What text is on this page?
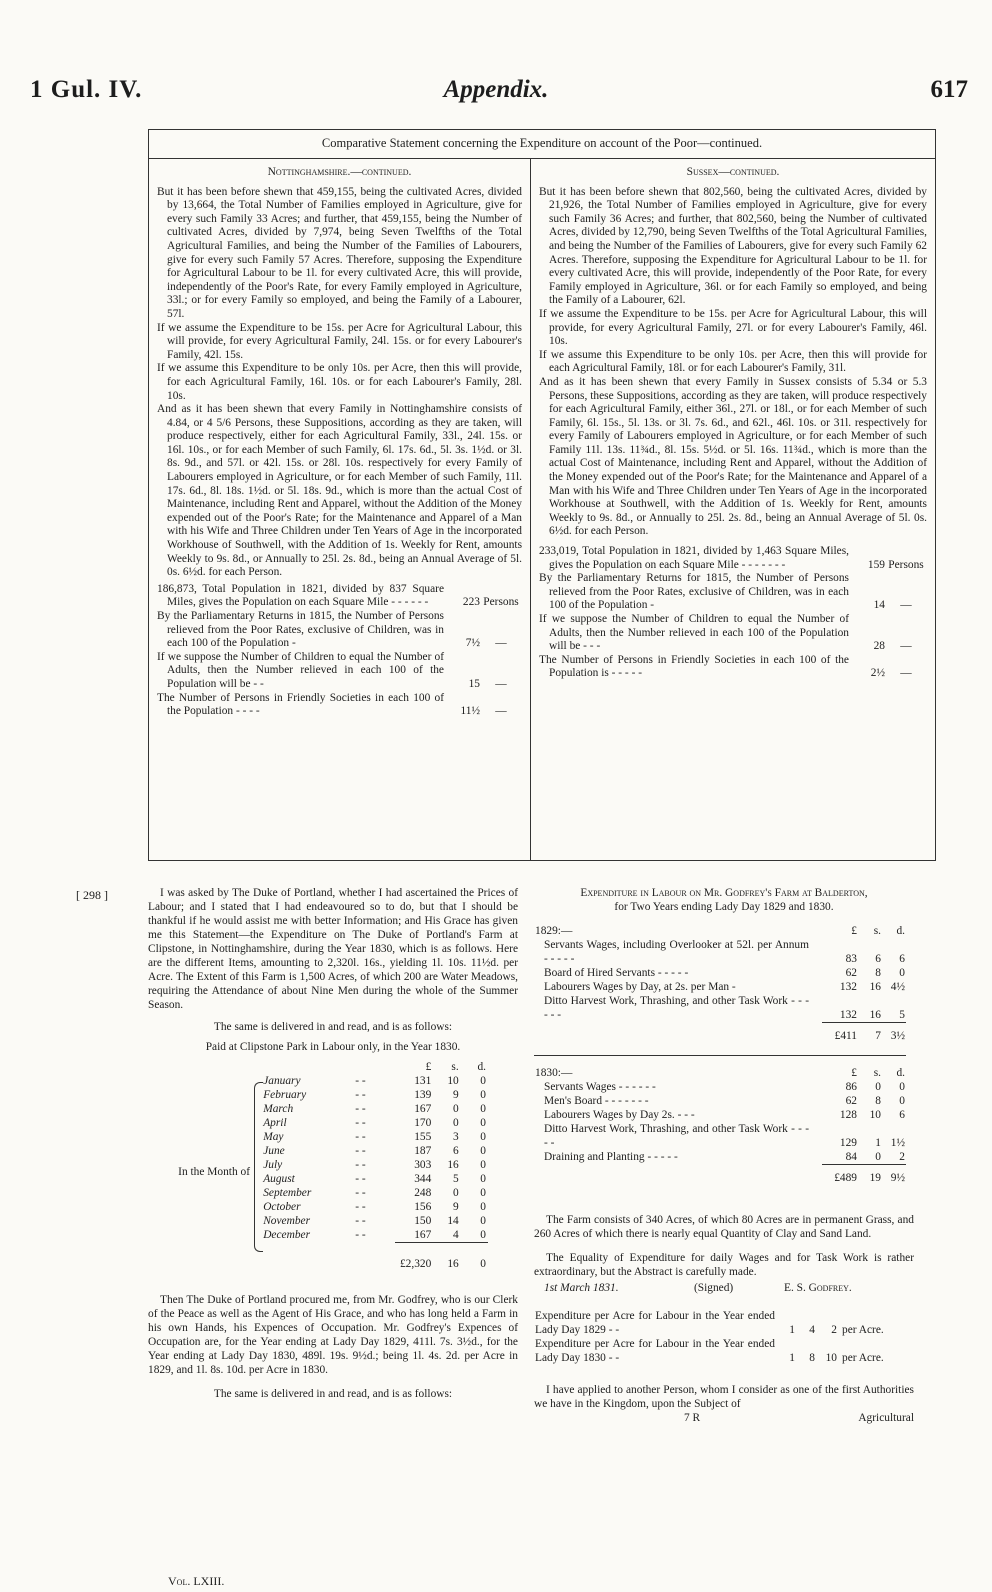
1 Gul. IV.	Appendix.	617
Comparative Statement concerning the Expenditure on account of the Poor—continued.
Nottinghamshire.—continued.

But it has been before shewn that 459,155, being the cultivated Acres, divided by 13,664, the Total Number of Families employed in Agriculture, give for every such Family 33 Acres; and further, that 459,155, being the Number of cultivated Acres, divided by 7,974, being Seven Twelfths of the Total Agricultural Families, and being the Number of the Families of Labourers, give for every such Family 57 Acres. Therefore, supposing the Expenditure for Agricultural Labour to be 1l. for every cultivated Acre, this will provide, independently of the Poor's Rate, for every Family employed in Agriculture, 33l.; or for every Family so employed, and being the Family of a Labourer, 57l.

If we assume the Expenditure to be 15s. per Acre for Agricultural Labour, this will provide, for every Agricultural Family, 24l. 15s. or for every Labourer's Family, 42l. 15s.

If we assume this Expenditure to be only 10s. per Acre, then this will provide, for each Agricultural Family, 16l. 10s. or for each Labourer's Family, 28l. 10s.

And as it has been shewn that every Family in Nottinghamshire consists of 4.84, or 4 5/6 Persons, these Suppositions, according as they are taken, will produce respectively, either for each Agricultural Family, 33l., 24l. 15s. or 16l. 10s., or for each Member of such Family, 6l. 17s. 6d., 5l. 3s. 1½d. or 3l. 8s. 9d., and 57l. or 42l. 15s. or 28l. 10s. respectively for every Family of Labourers employed in Agriculture, or for each Member of such Family, 11l. 17s. 6d., 8l. 18s. 1½d. or 5l. 18s. 9d., which is more than the actual Cost of Maintenance, including Rent and Apparel, without the Addition of the Money expended out of the Poor's Rate; for the Maintenance and Apparel of a Man with his Wife and Three Children under Ten Years of Age in the incorporated Workhouse of Southwell, with the Addition of 1s. Weekly for Rent, amounts Weekly to 9s. 8d., or Annually to 25l. 2s. 8d., being an Annual Average of 5l. 0s. 6½d. for each Person.

186,873, Total Population in 1821, divided by 837 Square Miles, gives the Population on each Square Mile - - - - - -	223 Persons
By the Parliamentary Returns in 1815, the Number of Persons relieved from the Poor Rates, exclusive of Children, was in each 100 of the Population -	7½	—
If we suppose the Number of Children to equal the Number of Adults, then the Number relieved in each 100 of the Population will be - -	15	—
The Number of Persons in Friendly Societies in each 100 of the Population - - - -	11½	—
Sussex—continued.

But it has been before shewn that 802,560, being the cultivated Acres, divided by 21,926, the Total Number of Families employed in Agriculture, give for every such Family 36 Acres; and further, that 802,560, being the Number of cultivated Acres, divided by 12,790, being Seven Twelfths of the Total Agricultural Families, and being the Number of the Families of Labourers, give for every such Family 62 Acres. Therefore, supposing the Expenditure for Agricultural Labour to be 1l. for every cultivated Acre, this will provide, independently of the Poor Rate, for every Family employed in Agriculture, 36l. or for each Family so employed, and being the Family of a Labourer, 62l.

If we assume the Expenditure to be 15s. per Acre for Agricultural Labour, this will provide, for every Agricultural Family, 27l. or for every Labourer's Family, 46l. 10s.

If we assume this Expenditure to be only 10s. per Acre, then this will provide for each Agricultural Family, 18l. or for each Labourer's Family, 31l.

And as it has been shewn that every Family in Sussex consists of 5.34 or 5.3 Persons, these Suppositions, according as they are taken, will produce respectively for each Agricultural Family, either 36l., 27l. or 18l., or for each Member of such Family, 6l. 15s., 5l. 13s. or 3l. 7s. 6d., and 62l., 46l. 10s. or 31l. respectively for every Family of Labourers employed in Agriculture, or for each Member of such Family 11l. 13s. 11¾d., 8l. 15s. 5½d. or 5l. 16s. 11¾d., which is more than the actual Cost of Maintenance, including Rent and Apparel, without the Addition of the Money expended out of the Poor's Rate; for the Maintenance and Apparel of a Man with his Wife and Three Children under Ten Years of Age in the incorporated Workhouse at Southwell, with the Addition of 1s. Weekly for Rent, amounts Weekly to 9s. 8d., or Annually to 25l. 2s. 8d., being an Annual Average of 5l. 0s. 6½d. for each Person.

233,019, Total Population in 1821, divided by 1,463 Square Miles, gives the Population on each Square Mile - - - - - - -	159 Persons
By the Parliamentary Returns for 1815, the Number of Persons relieved from the Poor Rates, exclusive of Children, was in each 100 of the Population -	14	—
If we suppose the Number of Children to equal the Number of Adults, then the Number relieved in each 100 of the Population will be - - -	28	—
The Number of Persons in Friendly Societies in each 100 of the Population is - - - - -	2½	—
[ 298 ]	I was asked by The Duke of Portland, whether I had ascertained the Prices of Labour; and I stated that I had endeavoured so to do, but that I should be thankful if he would assist me with better Information; and His Grace has given me this Statement—the Expenditure on The Duke of Portland's Farm at Clipstone, in Nottinghamshire, during the Year 1830, which is as follows. Here are the different Items, amounting to 2,320l. 16s., yielding 1l. 10s. 11½d. per Acre. The Extent of this Farm is 1,500 Acres, of which 200 are Water Meadows, requiring the Attendance of about Nine Men during the whole of the Summer Season.

The same is delivered in and read, and is as follows:

Paid at Clipstone Park in Labour only, in the Year 1830.

				£	s.	d.
		January	- -	131	10	0
		February	- -	139	9	0
		March	- -	167	0	0
		April	- -	170	0	0
		May	- -	155	3	0
		June	- -	187	6	0
		July	- -	303	16	0
		August	- -	344	5	0
		September	- -	248	0	0
		October	- -	156	9	0
		November	- -	150	14	0
		December	- -	167	4	0

				£2,320	16	0
In the Month of

Then The Duke of Portland procured me, from Mr. Godfrey, who is our Clerk of the Peace as well as the Agent of His Grace, and who has long held a Farm in his own Hands, his Expences of Occupation. Mr. Godfrey's Expences of Occupation are, for the Year ending at Lady Day 1829, 411l. 7s. 3½d., for the Year ending at Lady Day 1830, 489l. 19s. 9½d.; being 1l. 4s. 2d. per Acre in 1829, and 1l. 8s. 10d. per Acre in 1830.

The same is delivered in and read, and is as follows:

Expenditure in Labour on Mr. Godfrey's Farm at Balderton,

for Two Years ending Lady Day 1829 and 1830.

1829:—		£	s.	d.
Servants Wages, including Overlooker at 52l. per Annum - - - - -		83	6	6
Board of Hired Servants - - - - -		62	8	0
Labourers Wages by Day, at 2s. per Man -		132	16	4½
Ditto Harvest Work, Thrashing, and other Task Work - - - - - -		132	16	5

		£411	7	3½
1830:—		£	s.	d.
Servants Wages - - - - - -		86	0	0
Men's Board - - - - - - -		62	8	0
Labourers Wages by Day 2s. - - -		128	10	6
Ditto Harvest Work, Thrashing, and other Task Work - - - - -		129	1	1½
Draining and Planting - - - - -		84	0	2

		£489	19	9½

The Farm consists of 340 Acres, of which 80 Acres are in permanent Grass, and 260 Acres of which there is nearly equal Quantity of Clay and Sand Land.

The Equality of Expenditure for daily Wages and for Task Work is rather extraordinary, but the Abstract is carefully made.

1st March 1831.	(Signed)	E. S. Godfrey.
Expenditure per Acre for Labour in the Year ended Lady Day 1829 - -	1	4	2	per Acre.
Expenditure per Acre for Labour in the Year ended Lady Day 1830 - -	1	8	10	per Acre.

I have applied to another Person, whom I consider as one of the first Authorities we have in the Kingdom, upon the Subject of

7 R	Agricultural
Vol. LXIII.
